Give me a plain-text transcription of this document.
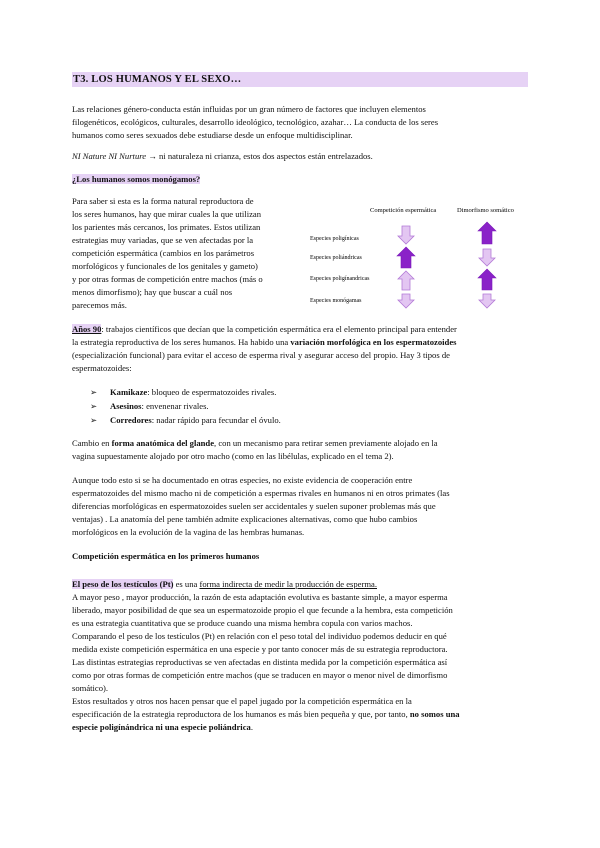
T3. LOS HUMANOS Y EL SEXO…
Las relaciones género-conducta están influidas por un gran número de factores que incluyen elementos
filogenéticos, ecológicos, culturales, desarrollo ideológico, tecnológico, azahar… La conducta de los seres
humanos como seres sexuados debe estudiarse desde un enfoque multidisciplinar.
NI Nature NI Nurture → ni naturaleza ni crianza, estos dos aspectos están entrelazados.
¿Los humanos somos monógamos?
Para saber si esta es la forma natural reproductora de
los seres humanos, hay que mirar cuales la que utilizan
los parientes más cercanos, los primates. Estos utilizan
estrategias muy variadas, que se ven afectadas por la
competición espermática (cambios en los parámetros
morfológicos y funcionales de los genitales y gameto)
y por otras formas de competición entre machos (más o
menos dimorfismo); hay que buscar a cuál nos
parecemos más.
Competición espermática	Dimorfismo somático
Especies poligínicas
Especies poliándricas
Especies poligínandricas
Especies monógamas
Años 90: trabajos científicos que decían que la competición espermática era el elemento principal para entender
la estrategia reproductiva de los seres humanos. Ha habido una variación morfológica en los espermatozoides
(especialización funcional) para evitar el acceso de esperma rival y asegurar acceso del propio. Hay 3 tipos de
espermatozoides:
➢ Kamikaze: bloqueo de espermatozoides rivales.
➢ Asesinos: envenenar rivales.
➢ Corredores: nadar rápido para fecundar el óvulo.
Cambio en forma anatómica del glande, con un mecanismo para retirar semen previamente alojado en la
vagina supuestamente alojado por otro macho (como en las libélulas, explicado en el tema 2).
Aunque todo esto si se ha documentado en otras especies, no existe evidencia de cooperación entre
espermatozoides del mismo macho ni de competición a espermas rivales en humanos ni en otros primates (las
diferencias morfológicas en espermatozoides suelen ser accidentales y suelen suponer problemas más que
ventajas) . La anatomía del pene también admite explicaciones alternativas, como que hubo cambios
morfológicos en la evolución de la vagina de las hembras humanas.
Competición espermática en los primeros humanos
El peso de los testículos (Pt) es una forma indirecta de medir la producción de esperma.
A mayor peso , mayor producción, la razón de esta adaptación evolutiva es bastante simple, a mayor esperma
liberado, mayor posibilidad de que sea un espermatozoide propio el que fecunde a la hembra, esta competición
es una estrategia cuantitativa que se produce cuando una misma hembra copula con varios machos.
Comparando el peso de los testículos (Pt) en relación con el peso total del individuo podemos deducir en qué
medida existe competición espermática en una especie y por tanto conocer más de su estrategia reproductora.
Las distintas estrategias reproductivas se ven afectadas en distinta medida por la competición espermática así
como por otras formas de competición entre machos (que se traducen en mayor o menor nivel de dimorfismo
somático).
Estos resultados y otros nos hacen pensar que el papel jugado por la competición espermática en la
especificación de la estrategia reproductora de los humanos es más bien pequeña y que, por tanto, no somos una
especie poligínándrica ni una especie poliándrica.
